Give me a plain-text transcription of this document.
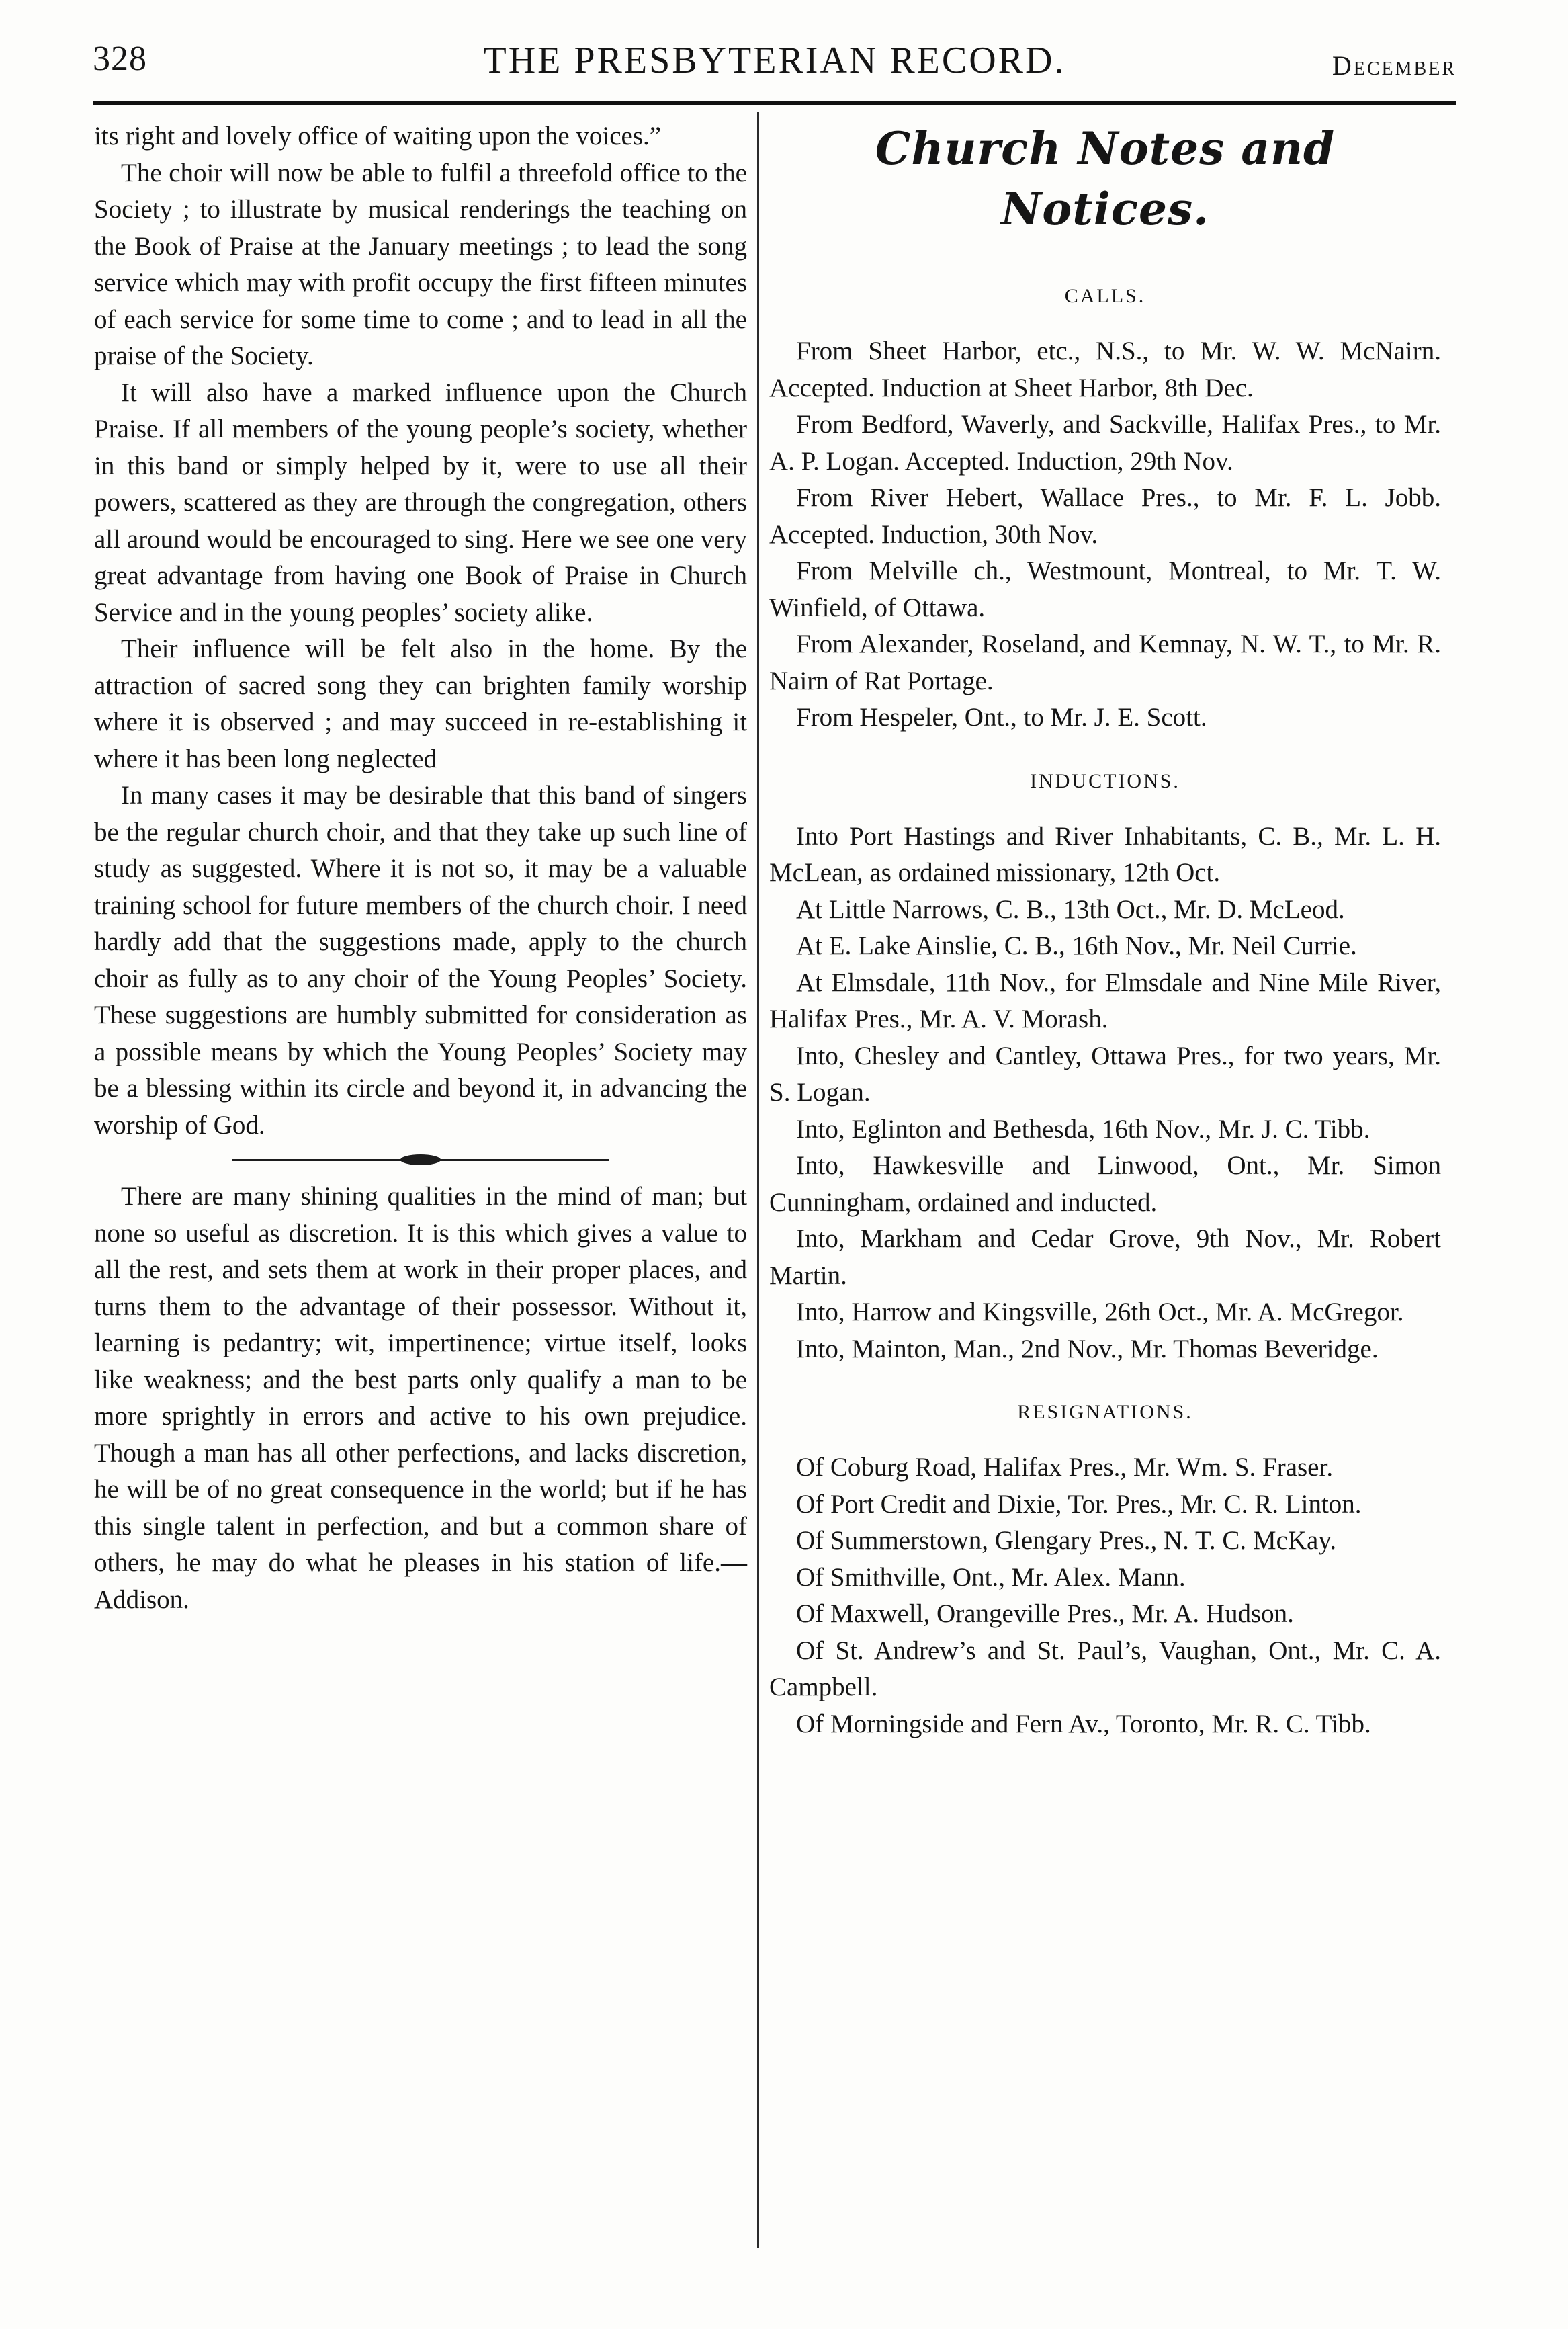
328	THE PRESBYTERIAN RECORD.	December

its right and lovely office of waiting upon the voices.”

The choir will now be able to fulfil a threefold office to the Society ; to illustrate by musical renderings the teaching on the Book of Praise at the January meetings ; to lead the song service which may with profit occupy the first fifteen minutes of each service for some time to come ; and to lead in all the praise of the Society.

It will also have a marked influence upon the Church Praise. If all members of the young people’s society, whether in this band or simply helped by it, were to use all their powers, scattered as they are through the congregation, others all around would be encouraged to sing. Here we see one very great advantage from having one Book of Praise in Church Service and in the young peoples’ society alike.

Their influence will be felt also in the home. By the attraction of sacred song they can brighten family worship where it is observed ; and may succeed in re-establishing it where it has been long neglected

In many cases it may be desirable that this band of singers be the regular church choir, and that they take up such line of study as suggested. Where it is not so, it may be a valuable training school for future members of the church choir. I need hardly add that the suggestions made, apply to the church choir as fully as to any choir of the Young Peoples’ Society. These suggestions are humbly submitted for consideration as a possible means by which the Young Peoples’ Society may be a blessing within its circle and beyond it, in advancing the worship of God.

There are many shining qualities in the mind of man; but none so useful as discretion. It is this which gives a value to all the rest, and sets them at work in their proper places, and turns them to the advantage of their possessor. Without it, learning is pedantry; wit, impertinence; virtue itself, looks like weakness; and the best parts only qualify a man to be more sprightly in errors and active to his own prejudice. Though a man has all other perfections, and lacks discretion, he will be of no great consequence in the world; but if he has this single talent in perfection, and but a common share of others, he may do what he pleases in his station of life.—Addison.

Church Notes and Notices.
CALLS.

From Sheet Harbor, etc., N.S., to Mr. W. W. McNairn. Accepted. Induction at Sheet Harbor, 8th Dec.

From Bedford, Waverly, and Sackville, Halifax Pres., to Mr. A. P. Logan. Accepted. Induction, 29th Nov.

From River Hebert, Wallace Pres., to Mr. F. L. Jobb. Accepted. Induction, 30th Nov.

From Melville ch., Westmount, Montreal, to Mr. T. W. Winfield, of Ottawa.

From Alexander, Roseland, and Kemnay, N. W. T., to Mr. R. Nairn of Rat Portage.

From Hespeler, Ont., to Mr. J. E. Scott.

INDUCTIONS.

Into Port Hastings and River Inhabitants, C. B., Mr. L. H. McLean, as ordained missionary, 12th Oct.

At Little Narrows, C. B., 13th Oct., Mr. D. McLeod.

At E. Lake Ainslie, C. B., 16th Nov., Mr. Neil Currie.

At Elmsdale, 11th Nov., for Elmsdale and Nine Mile River, Halifax Pres., Mr. A. V. Morash.

Into, Chesley and Cantley, Ottawa Pres., for two years, Mr. S. Logan.

Into, Eglinton and Bethesda, 16th Nov., Mr. J. C. Tibb.

Into, Hawkesville and Linwood, Ont., Mr. Simon Cunningham, ordained and inducted.

Into, Markham and Cedar Grove, 9th Nov., Mr. Robert Martin.

Into, Harrow and Kingsville, 26th Oct., Mr. A. McGregor.

Into, Mainton, Man., 2nd Nov., Mr. Thomas Beveridge.

RESIGNATIONS.

Of Coburg Road, Halifax Pres., Mr. Wm. S. Fraser.

Of Port Credit and Dixie, Tor. Pres., Mr. C. R. Linton.

Of Summerstown, Glengary Pres., N. T. C. McKay.

Of Smithville, Ont., Mr. Alex. Mann.

Of Maxwell, Orangeville Pres., Mr. A. Hudson.

Of St. Andrew’s and St. Paul’s, Vaughan, Ont., Mr. C. A. Campbell.

Of Morningside and Fern Av., Toronto, Mr. R. C. Tibb.
